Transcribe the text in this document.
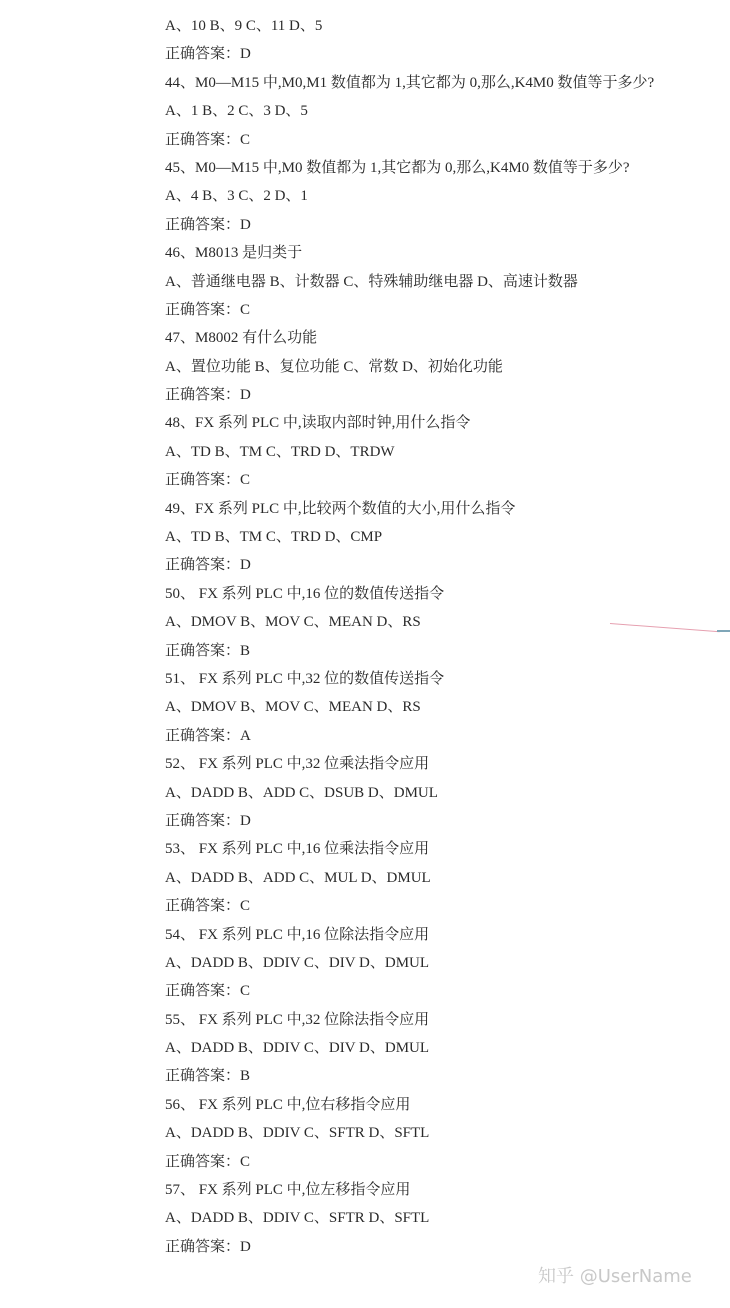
A、10 B、9 C、11 D、5
正确答案：D
44、M0—M15 中,M0,M1 数值都为 1,其它都为 0,那么,K4M0 数值等于多少?
A、1 B、2 C、3 D、5
正确答案：C
45、M0—M15 中,M0 数值都为 1,其它都为 0,那么,K4M0 数值等于多少?
A、4 B、3 C、2 D、1
正确答案：D
46、M8013 是归类于
A、普通继电器 B、计数器 C、特殊辅助继电器 D、高速计数器
正确答案：C
47、M8002 有什么功能
A、置位功能 B、复位功能 C、常数 D、初始化功能
正确答案：D
48、FX 系列 PLC 中,读取内部时钟,用什么指令
A、TD B、TM C、TRD D、TRDW
正确答案：C
49、FX 系列 PLC 中,比较两个数值的大小,用什么指令
A、TD B、TM C、TRD D、CMP
正确答案：D
50、 FX 系列 PLC 中,16 位的数值传送指令
A、DMOV B、MOV C、MEAN D、RS
正确答案：B
51、 FX 系列 PLC 中,32 位的数值传送指令
A、DMOV B、MOV C、MEAN D、RS
正确答案：A
52、 FX 系列 PLC 中,32 位乘法指令应用
A、DADD B、ADD C、DSUB D、DMUL
正确答案：D
53、 FX 系列 PLC 中,16 位乘法指令应用
A、DADD B、ADD C、MUL D、DMUL
正确答案：C
54、 FX 系列 PLC 中,16 位除法指令应用
A、DADD B、DDIV C、DIV D、DMUL
正确答案：C
55、 FX 系列 PLC 中,32 位除法指令应用
A、DADD B、DDIV C、DIV D、DMUL
正确答案：B
56、 FX 系列 PLC 中,位右移指令应用
A、DADD B、DDIV C、SFTR D、SFTL
正确答案：C
57、 FX 系列 PLC 中,位左移指令应用
A、DADD B、DDIV C、SFTR D、SFTL
正确答案：D
知乎 @UserName
